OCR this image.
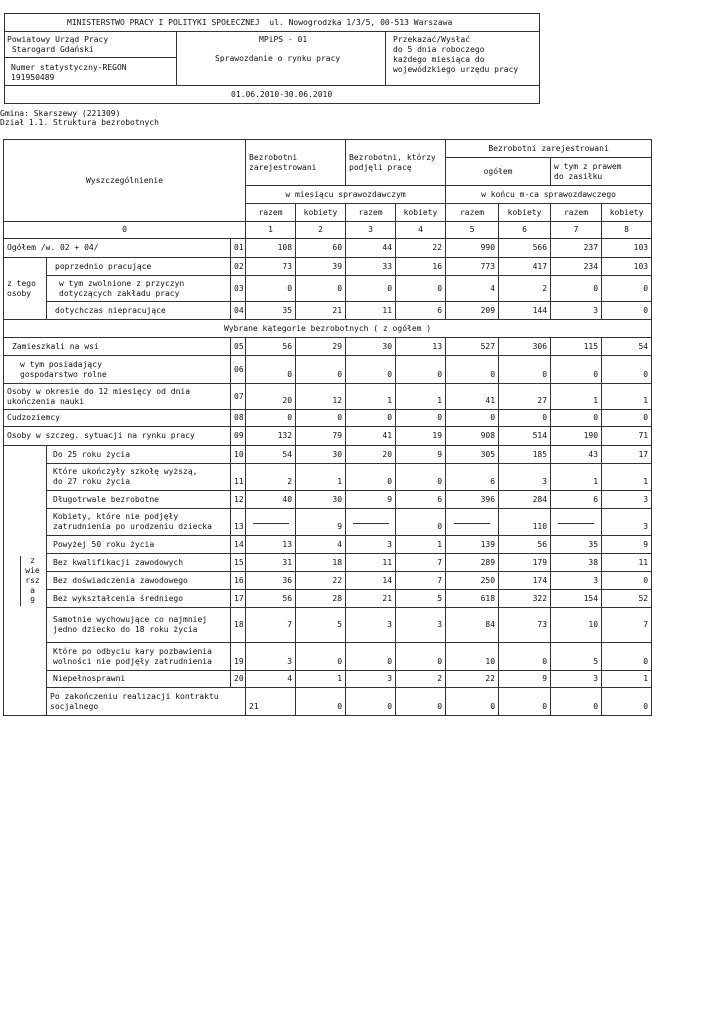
MINISTERSTWO PRACY I POLITYKI SPOŁECZNEJ  ul. Nowogrodzka 1/3/5, 00-513 Warszawa
Powiatowy Urząd Pracy
Starogard Gdański
Numer statystyczny-REGON
191950489
MPiPS - 01
Sprawozdanie o rynku pracy
Przekazać/Wysłać
do 5 dnia roboczego
każdego miesiąca do
wojewódzkiego urzędu pracy
01.06.2010-30.06.2010
Gmina: Skarszewy (221309)
Dział 1.1. Struktura bezrobotnych
Wyszczególnienie			Bezrobotni
zarejestrowani		Bezrobotni, którzy
podjęli pracę		Bezrobotni zarejestrowani				
							ogółem		w tym z prawem
do zasiłku		
			w miesiącu sprawozdawczym				w końcu m-ca sprawozdawczego				
			razem	kobiety	razem	kobiety	razem	kobiety	razem	kobiety	
0			1	2	3	4	5	6	7	8	
Ogółem /w. 02 + 04/		01	108	60	44	22	990	566	237	103	
z tego
osoby	poprzednio pracujące	02	73	39	33	16	773	417	234	103	
	w tym zwolnione z przyczyn
dotyczących zakładu pracy	03	0	0	0	0	4	2	0	0	
	dotychczas niepracujące	04	35	21	11	6	209	144	3	0	
Wybrane kategorie bezrobotnych ( z ogółem )											
Zamieszkali na wsi		05	56	29	30	13	527	306	115	54	
w tym posiadający
gospodarstwo rolne		06	0	0	0	0	0	0	0	0	
Osoby w okresie do 12 miesięcy od dnia
ukończenia nauki		07	20	12	1	1	41	27	1	1	
Cudzoziemcy		08	0	0	0	0	0	0	0	0	
Osoby w szczeg. sytuacji na rynku pracy		09	132	79	41	19	908	514	190	71	
z
wie
rsz
a
9	Do 25 roku życia	10	54	30	20	9	305	185	43	17	
	Które ukończyły szkołę wyższą,
do 27 roku życia	11	2	1	0	0	6	3	1	1	
	Długotrwale bezrobotne	12	40	30	9	6	396	284	6	3	
	Kobiety, które nie podjęły
zatrudnienia po urodzeniu dziecka	13		9		0		110		3	
	Powyżej 50 roku życia	14	13	4	3	1	139	56	35	9	
	Bez kwalifikacji zawodowych	15	31	18	11	7	289	179	38	11	
	Bez doświadczenia zawodowego	16	36	22	14	7	250	174	3	0	
	Bez wykształcenia średniego	17	56	28	21	5	618	322	154	52	
	Samotnie wychowujące co najmniej
jedno dziecko do 18 roku życia	18	7	5	3	3	84	73	10	7	
	Które po odbyciu kary pozbawienia
wolności nie podjęły zatrudnienia	19	3	0	0	0	10	0	5	0	
	Niepełnosprawni	20	4	1	3	2	22	9	3	1	
	Po zakończeniu realizacji kontraktu
socjalnego		21	0	0	0	0	0	0	0	
